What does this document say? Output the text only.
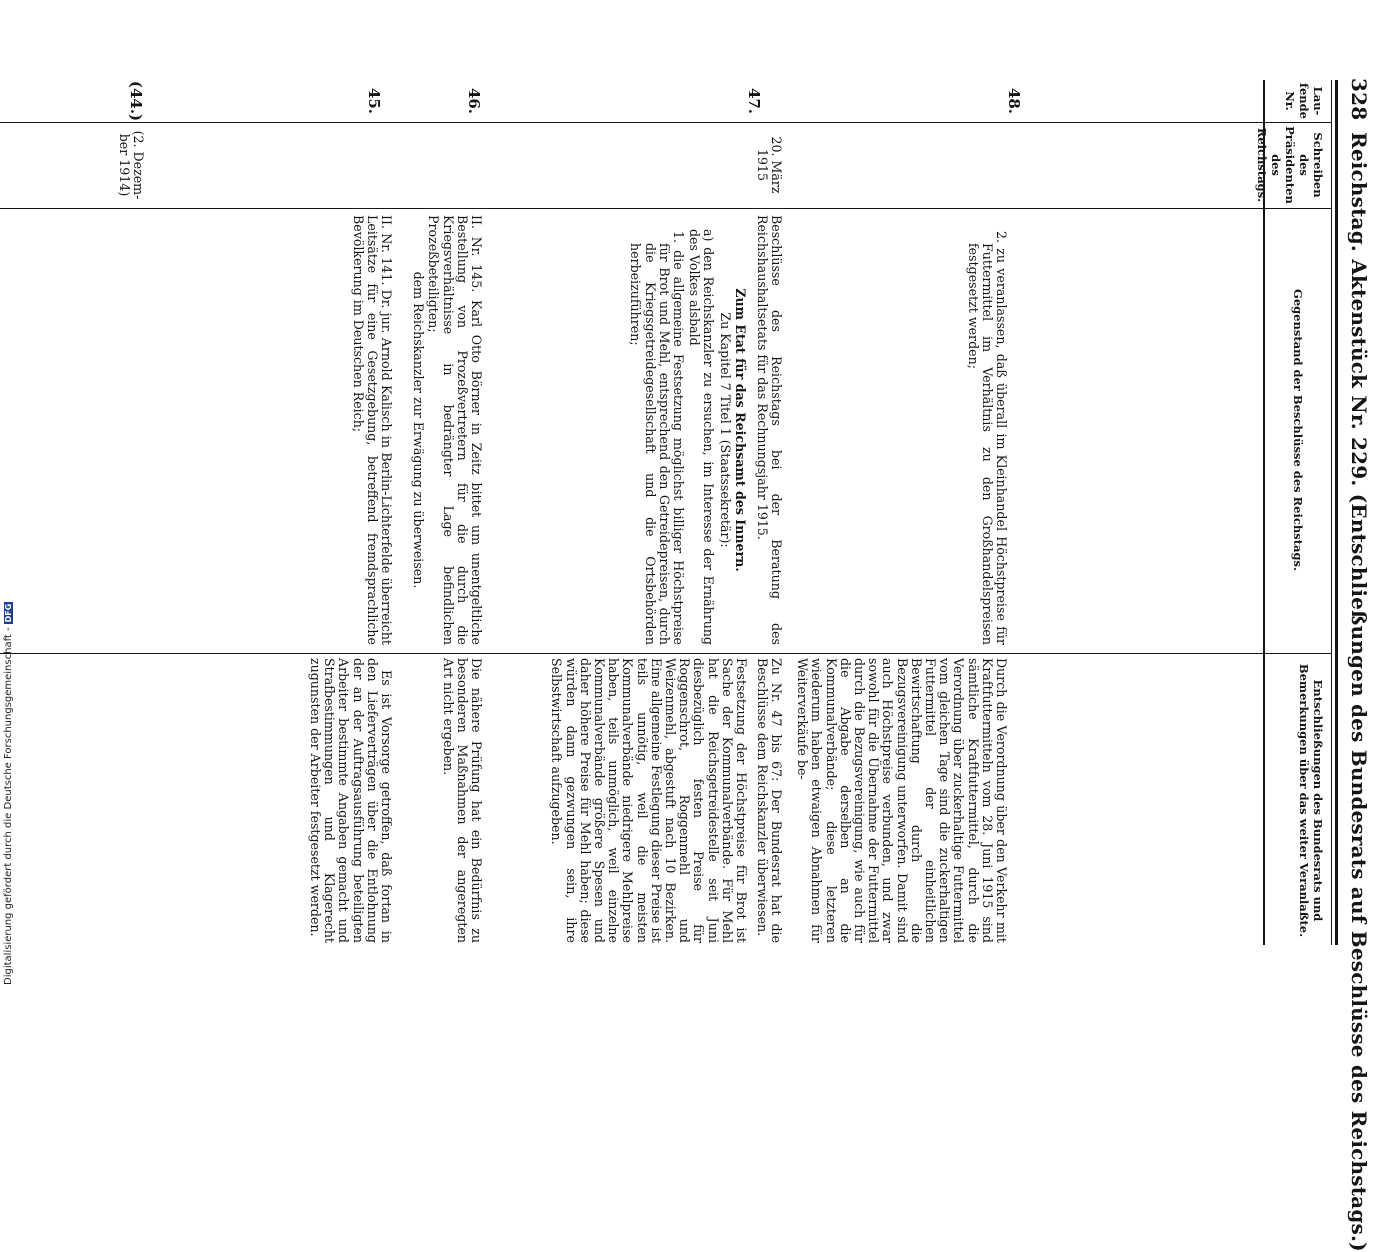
328
Reichstag. Aktenstück Nr. 229. (Entschließungen des Bundesrats auf Beschlüsse des Reichstags.)
Lau-fende Nr.
Schreiben des Präsidenten des Reichstags.
Gegenstand der Beschlüsse des Reichstags.
Entschließungen des Bundesrats und Bemerkungen über das weiter Veranlaßte.
(44.)
(2. Dezem-ber 1914)
45.
II. Nr. 141. Dr. jur. Arnold Kalisch in Berlin-Lichterfelde überreicht Leitsätze für eine Gesetzgebung, betreffend fremdsprachliche Bevölkerung im Deutschen Reich;
Es ist Vorsorge getroffen, daß fortan in den Lieferverträgen über die Entlohnung der an der Auftragsausführung beteiligten Arbeiter bestimmte Angaben gemacht und Strafbestimmungen und Klagerecht zugunsten der Arbeiter festgesetzt werden.
46.
II. Nr. 145. Karl Otto Börner in Zeitz bittet um unentgeltliche Bestellung von Prozeßvertretern für die durch die Kriegsverhältnisse in bedrängter Lage befindlichen Prozeßbeteiligten;
dem Reichskanzler zur Erwägung zu überweisen.
Die nähere Prüfung hat ein Bedürfnis zu besonderen Maßnahmen der angeregten Art nicht ergeben.
47.
20. März 1915
Beschlüsse des Reichstags bei der Beratung des Reichshaushaltsetats für das Rechnungsjahr 1915.
Zum Etat für das Reichsamt des Innern.
Zu Kapitel 7 Titel 1 (Staatssekretär):
a) den Reichskanzler zu ersuchen, im Interesse der Ernährung des Volkes alsbald
1. die allgemeine Festsetzung möglichst billiger Höchstpreise für Brot und Mehl, entsprechend den Getreidepreisen, durch die Kriegsgetreidegesellschaft und die Ortsbehörden herbeizuführen;
Zu Nr. 47 bis 67: Der Bundesrat hat die Beschlüsse dem Reichskanzler überwiesen.
Festsetzung der Höchstpreise für Brot ist Sache der Kommunalverbände. Für Mehl hat die Reichsgetreidestelle seit Juni diesbezüglich festen Preise für Roggenschrot, Roggenmehl und Weizenmehl, abgestuft nach 10 Bezirken. Eine allgemeine Festlegung dieser Preise ist teils unnötig, weil die meisten Kommunalverbände niedrigere Mehlpreise haben, teils unmöglich, weil einzelne Kommunalverbände größere Spesen und daher höhere Preise für Mehl haben; diese würden dann gezwungen sein, ihre Selbstwirtschaft aufzugeben.
48.
2. zu veranlassen, daß überall im Kleinhandel Höchstpreise für Futtermittel im Verhältnis zu den Großhandelspreisen festgesetzt werden;
Durch die Verordnung über den Verkehr mit Kraftfuttermitteln vom 28. Juni 1915 sind sämtliche Kraftfuttermittel, durch die Verordnung über zuckerhaltige Futtermittel vom gleichen Tage sind die zuckerhaltigen Futtermittel der einheitlichen Bewirtschaftung durch die Bezugsvereinigung unterworfen. Damit sind auch Höchstpreise verbunden, und zwar sowohl für die Übernahme der Futtermittel durch die Bezugsvereinigung, wie auch für die Abgabe derselben an die Kommunalverbände; diese letzteren wiederum haben etwaigen Abnahmen für Weiterverkäufe be-
Digitalisierung gefördert durch die Deutsche Forschungsgemeinschaft -DFG
